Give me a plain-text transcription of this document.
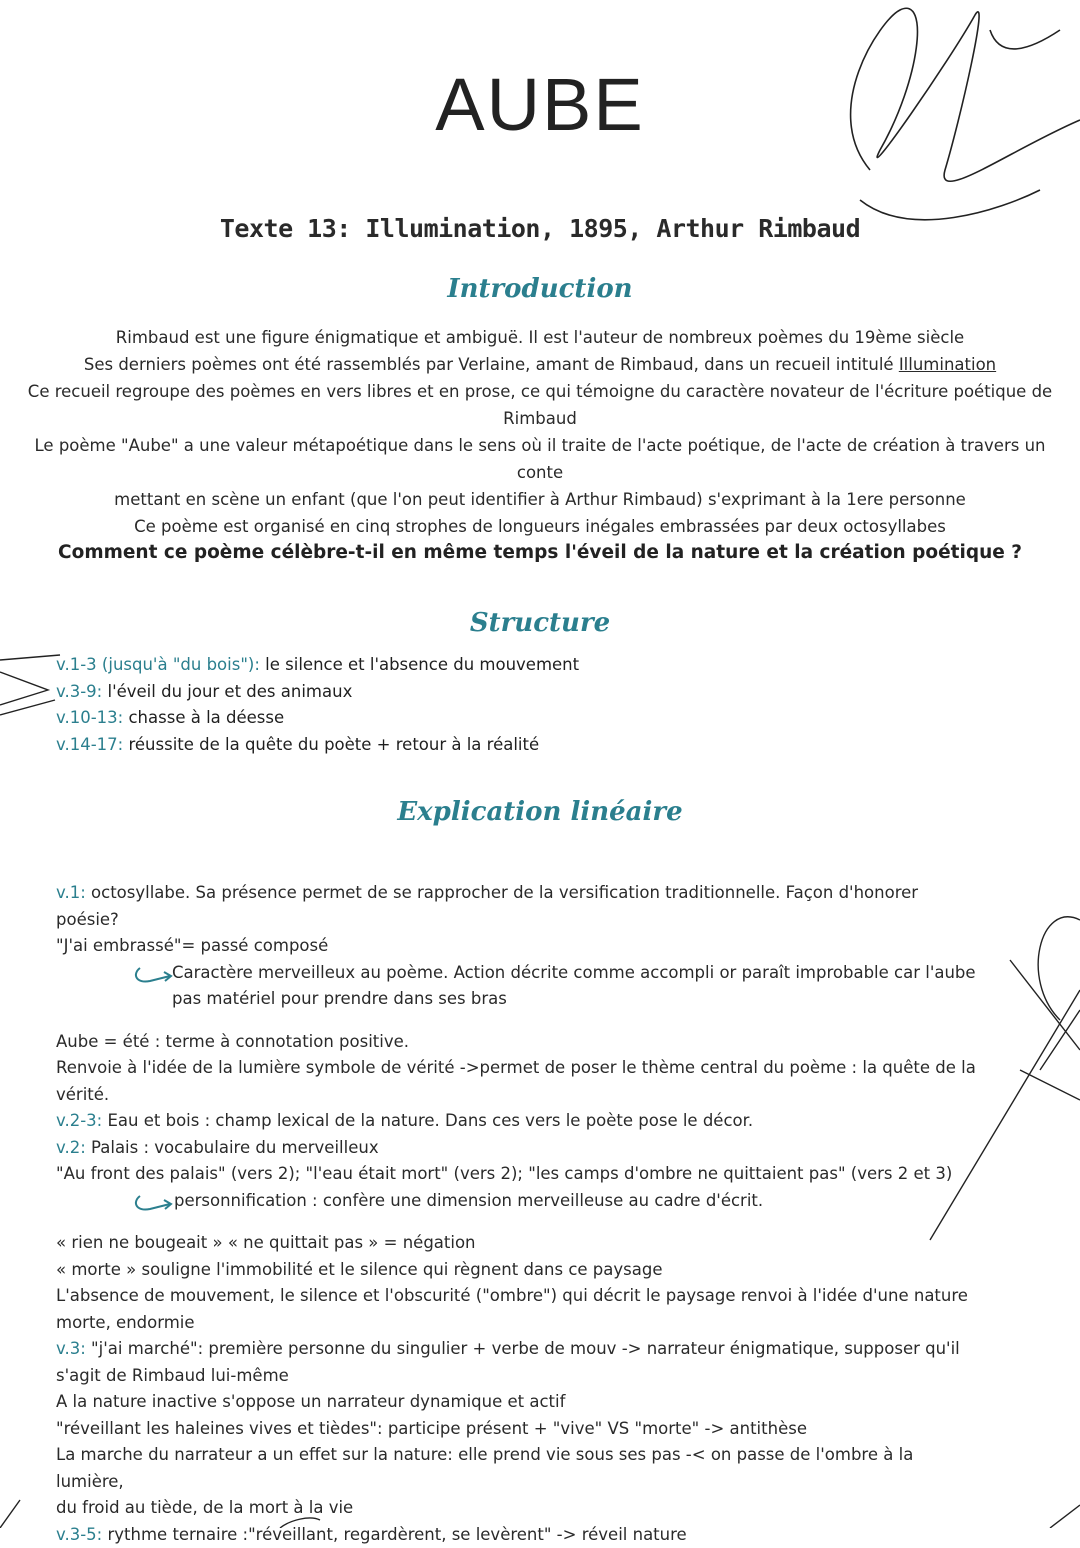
AUBE
Texte 13: Illumination, 1895, Arthur Rimbaud
Introduction

Rimbaud est une figure énigmatique et ambiguë. Il est l'auteur de nombreux poèmes du 19ème siècle

Ses derniers poèmes ont été rassemblés par Verlaine, amant de Rimbaud, dans un recueil intitulé Illumination

Ce recueil regroupe des poèmes en vers libres et en prose, ce qui témoigne du caractère novateur de l'écriture poétique de

Rimbaud

Le poème "Aube" a une valeur métapoétique dans le sens où il traite de l'acte poétique, de l'acte de création à travers un conte

mettant en scène un enfant (que l'on peut identifier à Arthur Rimbaud) s'exprimant à la 1ere personne

Ce poème est organisé en cinq strophes de longueurs inégales embrassées par deux octosyllabes

Comment ce poème célèbre-t-il en même temps l'éveil de la nature et la création poétique ?
Structure
v.1-3 (jusqu'à "du bois"): le silence et l'absence du mouvement
v.3-9: l'éveil du jour et des animaux
v.10-13: chasse à la déesse
v.14-17: réussite de la quête du poète + retour à la réalité
Explication linéaire

v.1: octosyllabe. Sa présence permet de se rapprocher de la versification traditionnelle. Façon d'honorer poésie?

"J'ai embrassé"= passé composé

Caractère merveilleux au poème. Action décrite comme accompli or paraît improbable car l'aube

pas matériel pour prendre dans ses bras

Aube = été : terme à connotation positive.

Renvoie à l'idée de la lumière symbole de vérité ->permet de poser le thème central du poème : la quête de la vérité.

v.2-3: Eau et bois : champ lexical de la nature. Dans ces vers le poète pose le décor.

v.2: Palais : vocabulaire du merveilleux

"Au front des palais" (vers 2); "l'eau était mort" (vers 2); "les camps d'ombre ne quittaient pas" (vers 2 et 3)

personnification : confère une dimension merveilleuse au cadre d'écrit.

« rien ne bougeait » « ne quittait pas » = négation

« morte » souligne l'immobilité et le silence qui règnent dans ce paysage

L'absence de mouvement, le silence et l'obscurité ("ombre") qui décrit le paysage renvoi à l'idée d'une nature

morte, endormie

v.3: "j'ai marché": première personne du singulier + verbe de mouv -> narrateur énigmatique, supposer qu'il

s'agit de Rimbaud lui-même

A la nature inactive s'oppose un narrateur dynamique et actif

"réveillant les haleines vives et tièdes": participe présent + "vive" VS "morte" -> antithèse

La marche du narrateur a un effet sur la nature: elle prend vie sous ses pas -< on passe de l'ombre à la lumière,

du froid au tiède, de la mort à la vie

v.3-5: rythme ternaire :"réveillant, regardèrent, se levèrent" -> réveil nature
